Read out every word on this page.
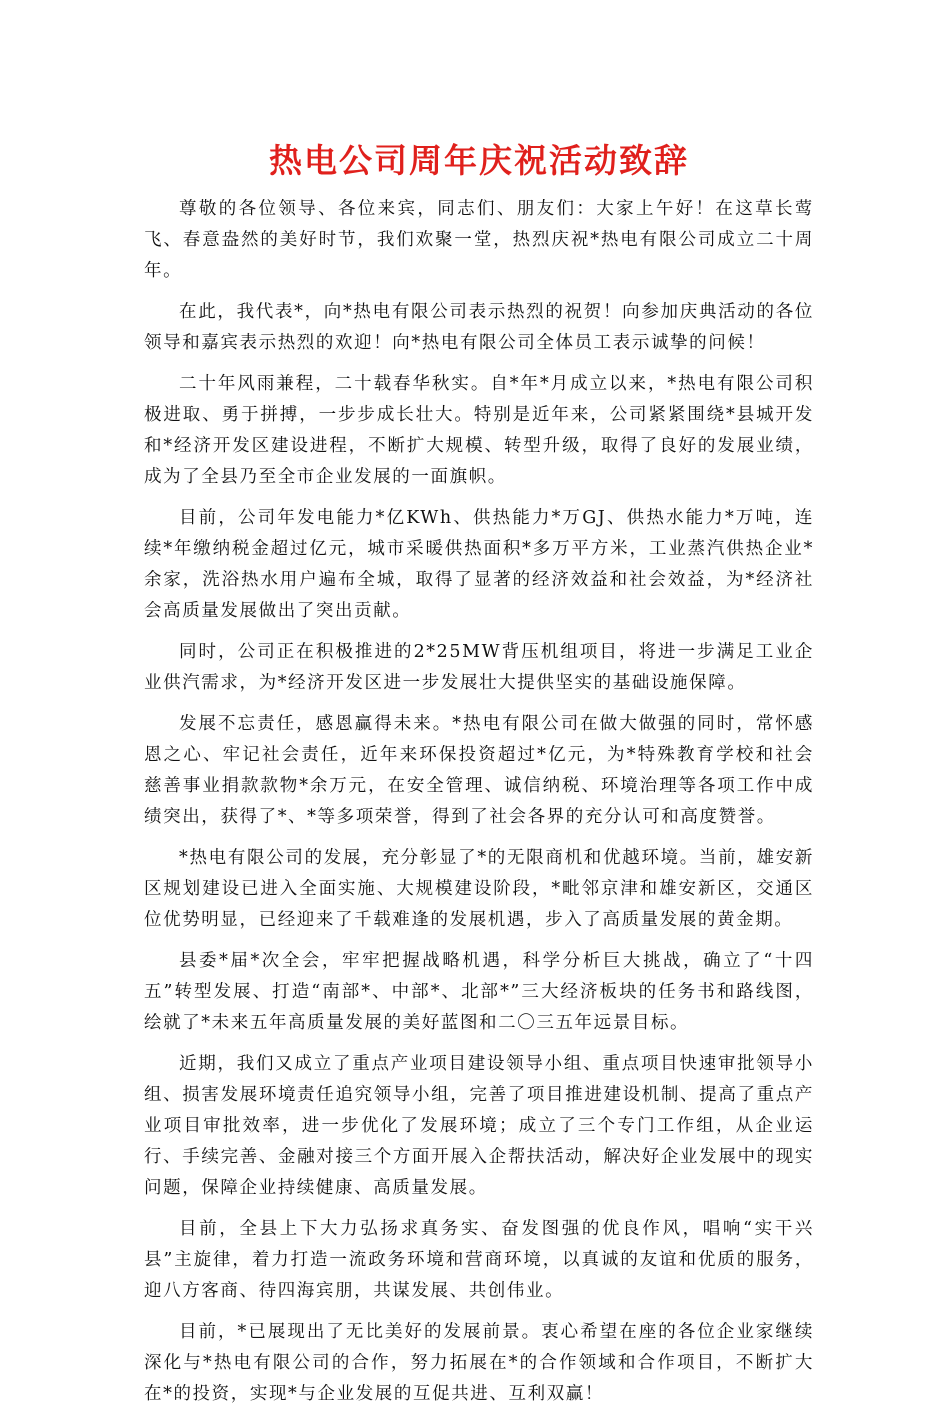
热电公司周年庆祝活动致辞

尊敬的各位领导、各位来宾，同志们、朋友们：大家上午好！在这草长莺飞、春意盎然的美好时节，我们欢聚一堂，热烈庆祝*热电有限公司成立二十周年。

在此，我代表*，向*热电有限公司表示热烈的祝贺！向参加庆典活动的各位领导和嘉宾表示热烈的欢迎！向*热电有限公司全体员工表示诚挚的问候！

二十年风雨兼程，二十载春华秋实。自*年*月成立以来，*热电有限公司积极进取、勇于拼搏，一步步成长壮大。特别是近年来，公司紧紧围绕*县城开发和*经济开发区建设进程，不断扩大规模、转型升级，取得了良好的发展业绩，成为了全县乃至全市企业发展的一面旗帜。

目前，公司年发电能力*亿KWh、供热能力*万GJ、供热水能力*万吨，连续*年缴纳税金超过亿元，城市采暖供热面积*多万平方米，工业蒸汽供热企业*余家，洗浴热水用户遍布全城，取得了显著的经济效益和社会效益，为*经济社会高质量发展做出了突出贡献。

同时，公司正在积极推进的2*25MW背压机组项目，将进一步满足工业企业供汽需求，为*经济开发区进一步发展壮大提供坚实的基础设施保障。

发展不忘责任，感恩赢得未来。*热电有限公司在做大做强的同时，常怀感恩之心、牢记社会责任，近年来环保投资超过*亿元，为*特殊教育学校和社会慈善事业捐款款物*余万元，在安全管理、诚信纳税、环境治理等各项工作中成绩突出，获得了*、*等多项荣誉，得到了社会各界的充分认可和高度赞誉。

*热电有限公司的发展，充分彰显了*的无限商机和优越环境。当前，雄安新区规划建设已进入全面实施、大规模建设阶段，*毗邻京津和雄安新区，交通区位优势明显，已经迎来了千载难逢的发展机遇，步入了高质量发展的黄金期。

县委*届*次全会，牢牢把握战略机遇，科学分析巨大挑战，确立了“十四五”转型发展、打造“南部*、中部*、北部*”三大经济板块的任务书和路线图，绘就了*未来五年高质量发展的美好蓝图和二〇三五年远景目标。

近期，我们又成立了重点产业项目建设领导小组、重点项目快速审批领导小组、损害发展环境责任追究领导小组，完善了项目推进建设机制、提高了重点产业项目审批效率，进一步优化了发展环境；成立了三个专门工作组，从企业运行、手续完善、金融对接三个方面开展入企帮扶活动，解决好企业发展中的现实问题，保障企业持续健康、高质量发展。

目前，全县上下大力弘扬求真务实、奋发图强的优良作风，唱响“实干兴县”主旋律，着力打造一流政务环境和营商环境，以真诚的友谊和优质的服务，迎八方客商、待四海宾朋，共谋发展、共创伟业。

目前，*已展现出了无比美好的发展前景。衷心希望在座的各位企业家继续深化与*热电有限公司的合作，努力拓展在*的合作领域和合作项目，不断扩大在*的投资，实现*与企业发展的互促共进、互利双赢！
